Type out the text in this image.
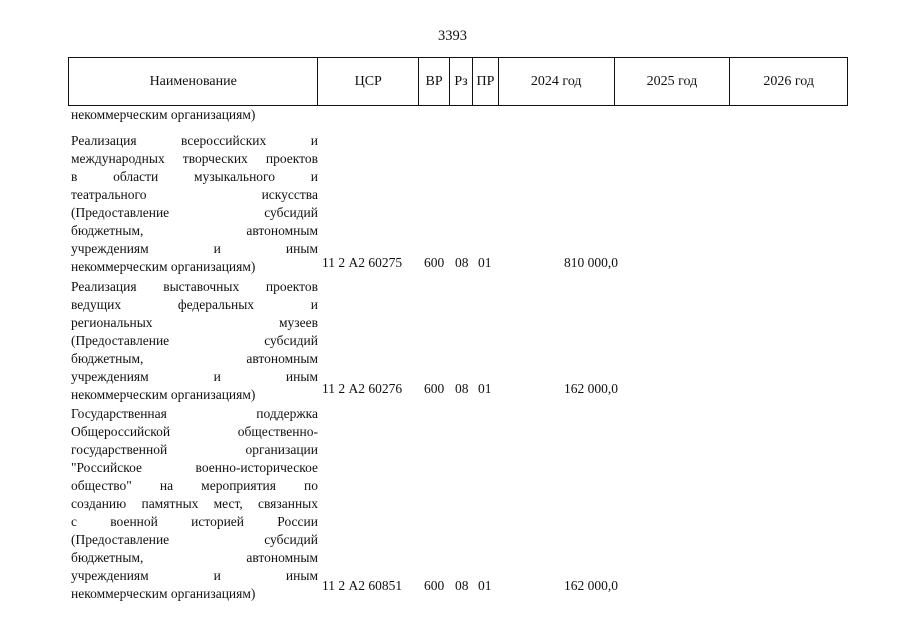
3393
Наименование	ЦСР	ВР Рз ПР	2024 год	2025 год	2026 год
некоммерческим организациям)
Реализация всероссийских и
международных творческих проектов
в области музыкального и
театрального искусства
(Предоставление субсидий
бюджетным, автономным
учреждениям и иным
некоммерческим организациям)	11 2 А2 60275 600 08 01	810 000,0
Реализация выставочных проектов
ведущих федеральных и
региональных музеев
(Предоставление субсидий
бюджетным, автономным
учреждениям и иным
некоммерческим организациям)	11 2 А2 60276 600 08 01	162 000,0
Государственная поддержка
Общероссийской общественно-
государственной организации
"Российское военно-историческое
общество" на мероприятия по
созданию памятных мест, связанных
с военной историей России
(Предоставление субсидий
бюджетным, автономным
учреждениям и иным
некоммерческим организациям)
11 2 А2 60851 600 08 01	162 000,0
